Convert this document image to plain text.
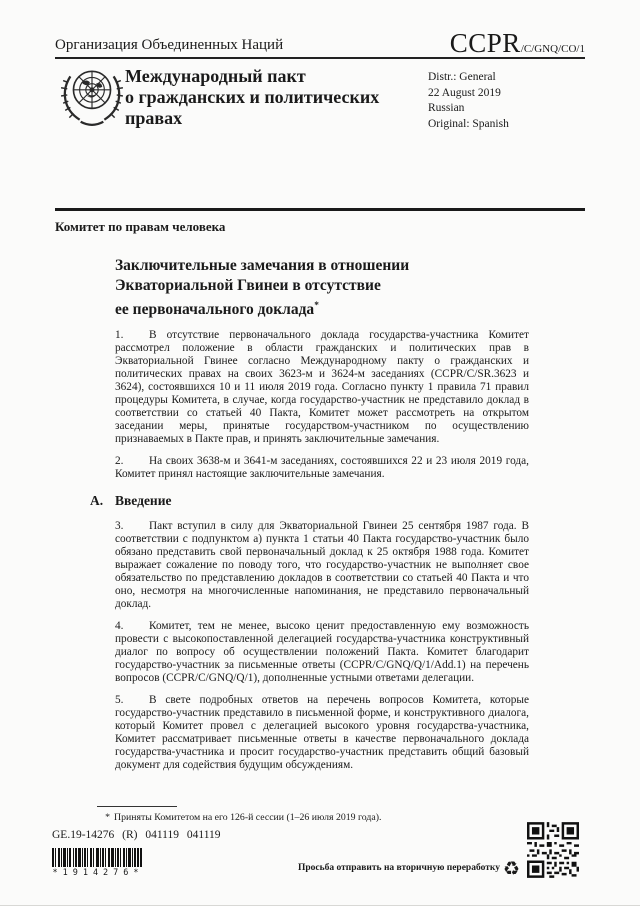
Организация Объединенных Наций	CCPR/C/GNQ/CO/1
Международный пакт
о гражданских и политических
правах
Distr.: General
22 August 2019
Russian
Original: Spanish
Комитет по правам человека
Заключительные замечания в отношении
Экваториальной Гвинеи в отсутствие
ее первоначального доклада*

1. В отсутствие первоначального доклада государства-участника Комитет рассмотрел положение в области гражданских и политических прав в Экваториальной Гвинее согласно Международному пакту о гражданских и политических правах на своих 3623-м и 3624-м заседаниях (CCPR/C/SR.3623 и 3624), состоявшихся 10 и 11 июля 2019 года. Согласно пункту 1 правила 71 правил процедуры Комитета, в случае, когда государство-участник не представило доклад в соответствии со статьей 40 Пакта, Комитет может рассмотреть на открытом заседании меры, принятые государством-участником по осуществлению признаваемых в Пакте прав, и принять заключительные замечания.

2. На своих 3638-м и 3641-м заседаниях, состоявшихся 22 и 23 июля 2019 года, Комитет принял настоящие заключительные замечания.

A. Введение

3. Пакт вступил в силу для Экваториальной Гвинеи 25 сентября 1987 года. В соответствии с подпунктом a) пункта 1 статьи 40 Пакта государство-участник было обязано представить свой первоначальный доклад к 25 октября 1988 года. Комитет выражает сожаление по поводу того, что государство-участник не выполняет свое обязательство по представлению докладов в соответствии со статьей 40 Пакта и что оно, несмотря на многочисленные напоминания, не представило первоначальный доклад.

4. Комитет, тем не менее, высоко ценит предоставленную ему возможность провести с высокопоставленной делегацией государства-участника конструктивный диалог по вопросу об осуществлении положений Пакта. Комитет благодарит государство-участник за письменные ответы (CCPR/C/GNQ/Q/1/Add.1) на перечень вопросов (CCPR/C/GNQ/Q/1), дополненные устными ответами делегации.

5. В свете подробных ответов на перечень вопросов Комитета, которые государство-участник представило в письменной форме, и конструктивного диалога, который Комитет провел с делегацией высокого уровня государства-участника, Комитет рассматривает письменные ответы в качестве первоначального доклада государства-участника и просит государство-участник представить общий базовый документ для содействия будущим обсуждениям.

* Приняты Комитетом на его 126-й сессии (1–26 июля 2019 года).
GE.19-14276 (R) 041119 041119
*1914276*	Просьба отправить на вторичную переработку ♻
